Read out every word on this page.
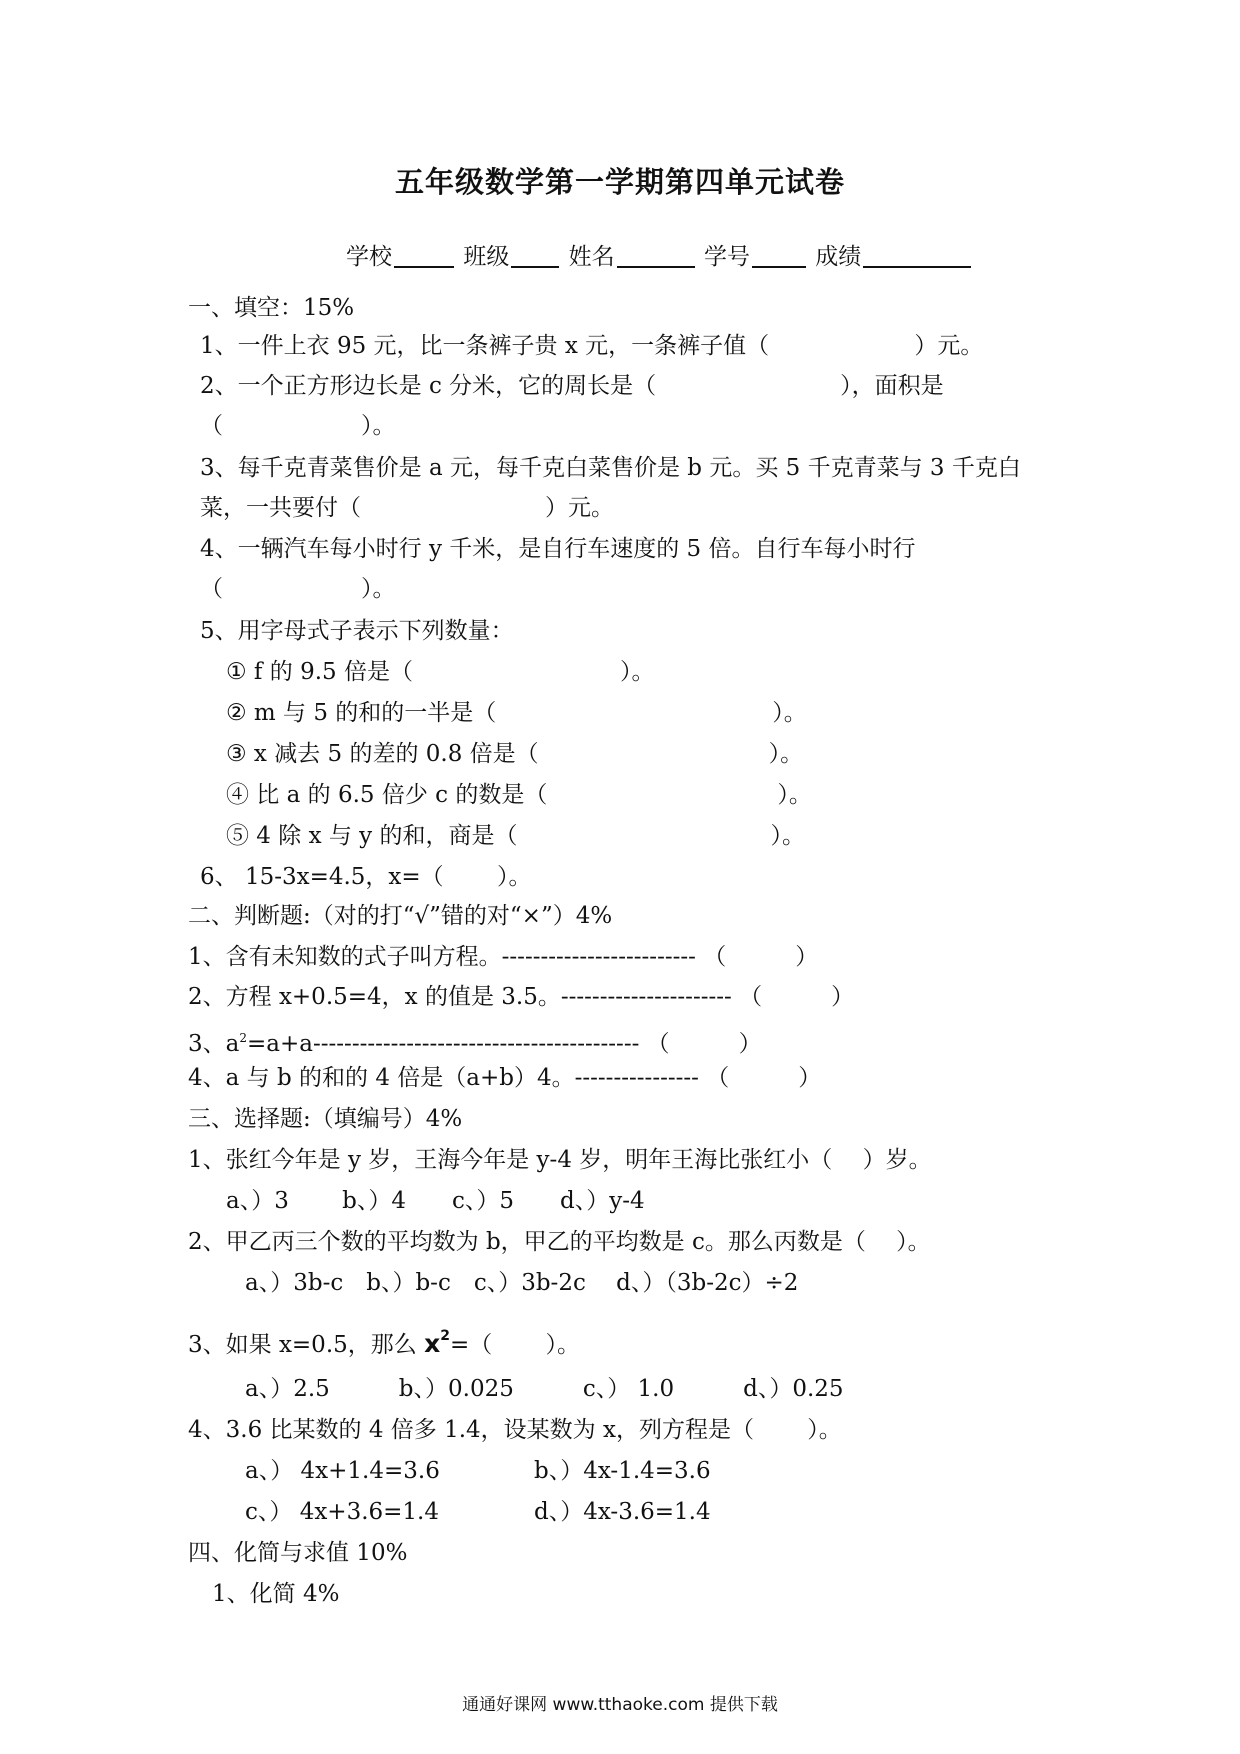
五年级数学第一学期第四单元试卷
学校	班级	姓名	学号	成绩
一、填空：15%
1、一件上衣 95 元，比一条裤子贵 x 元，一条裤子值（　　　　　　 ）元。
2、一个正方形边长是 c 分米，它的周长是（　　　　　　　　），面积是
（　　　　　　）。
3、每千克青菜售价是 a 元，每千克白菜售价是 b 元。买 5 千克青菜与 3 千克白
菜，一共要付（　　　　　　　　）元。
4、一辆汽车每小时行 y 千米，是自行车速度的 5 倍。自行车每小时行
（　　　　　　）。
5、用字母式子表示下列数量：
① f 的 9.5 倍是（　　　　　　　　　）。
② m 与 5 的和的一半是（　　　　　　　　　　　　）。
③ x 减去 5 的差的 0.8 倍是（　　　　　　　　　　）。
④ 比 a 的 6.5 倍少 c 的数是（　　　　　　　　　　）。
⑤ 4 除 x 与 y 的和，商是（　　　　　　　　　　　）。
6、 15-3x=4.5，x=（　　 ）。
二、判断题:（对的打“√”错的对“×”）4%
1、含有未知数的式子叫方程。------------------------- （　　　）
2、方程 x+0.5=4，x 的值是 3.5。---------------------- （　　　）
3、$a^2=a+a------------------------------------------$ （　　　）
4、a 与 b 的和的 4 倍是（a+b）4。---------------- （　　　）
三、选择题:（填编号）4%
1、张红今年是 y 岁，王海今年是 y-4 岁，明年王海比张红小（　 ）岁。
a、）3　　 b、）4　　c、）5　　d、）y-4
2、甲乙丙三个数的平均数为 b，甲乙的平均数是 c。那么丙数是（　 ）。
a、）3b-c　b、）b-c　c、）3b-2c　 d、）（3b-2c）÷2
3、如果 x=0.5，那么 $x^2=$（　　 ）。
a、）2.5　　　b、）0.025　　　c、） 1.0　　　d、）0.25
4、3.6 比某数的 4 倍多 1.4，设某数为 x，列方程是（　　 ）。
a、） 4x+1.4=3.6	b、）4x-1.4=3.6
c、） 4x+3.6=1.4	d、）4x-3.6=1.4
四、化简与求值 10%
1、化简 4%
通通好课网 www.tthaoke.com 提供下载
